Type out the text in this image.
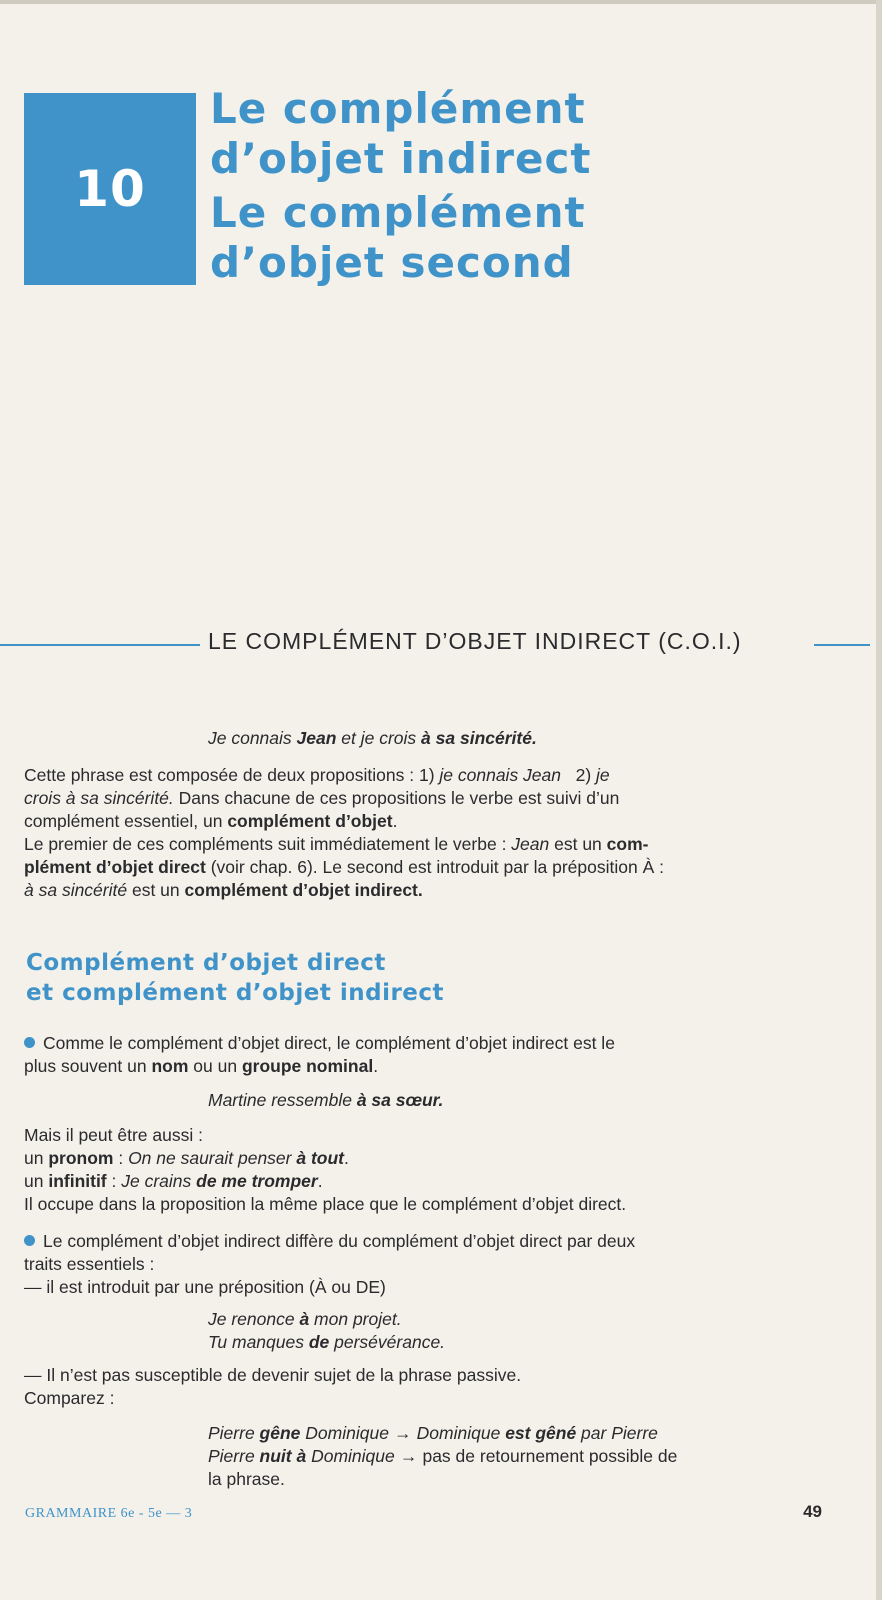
10

Le complément

d’objet indirect

Le complément

d’objet second

LE COMPLÉMENT D’OBJET INDIRECT (C.O.I.)

Je connais Jean et je crois à sa sincérité.

Cette phrase est composée de deux propositions : 1) je connais Jean   2) je
crois à sa sincérité. Dans chacune de ces propositions le verbe est suivi d’un
complément essentiel, un complément d’objet.
Le premier de ces compléments suit immédiatement le verbe : Jean est un com-
plément d’objet direct (voir chap. 6). Le second est introduit par la préposition À :
à sa sincérité est un complément d’objet indirect.

Complément d’objet direct

et complément d’objet indirect

Comme le complément d’objet direct, le complément d’objet indirect est le
plus souvent un nom ou un groupe nominal.

Martine ressemble à sa sœur.

Mais il peut être aussi :
un pronom : On ne saurait penser à tout.
un infinitif : Je crains de me tromper.
Il occupe dans la proposition la même place que le complément d’objet direct.
Le complément d’objet indirect diffère du complément d’objet direct par deux
traits essentiels :
— il est introduit par une préposition (À ou DE)
Je renonce à mon projet.
Tu manques de persévérance.
— Il n’est pas susceptible de devenir sujet de la phrase passive.
Comparez :
Pierre gêne Dominique → Dominique est gêné par Pierre
Pierre nuit à Dominique → pas de retournement possible de
la phrase.
GRAMMAIRE 6e - 5e — 3	49
